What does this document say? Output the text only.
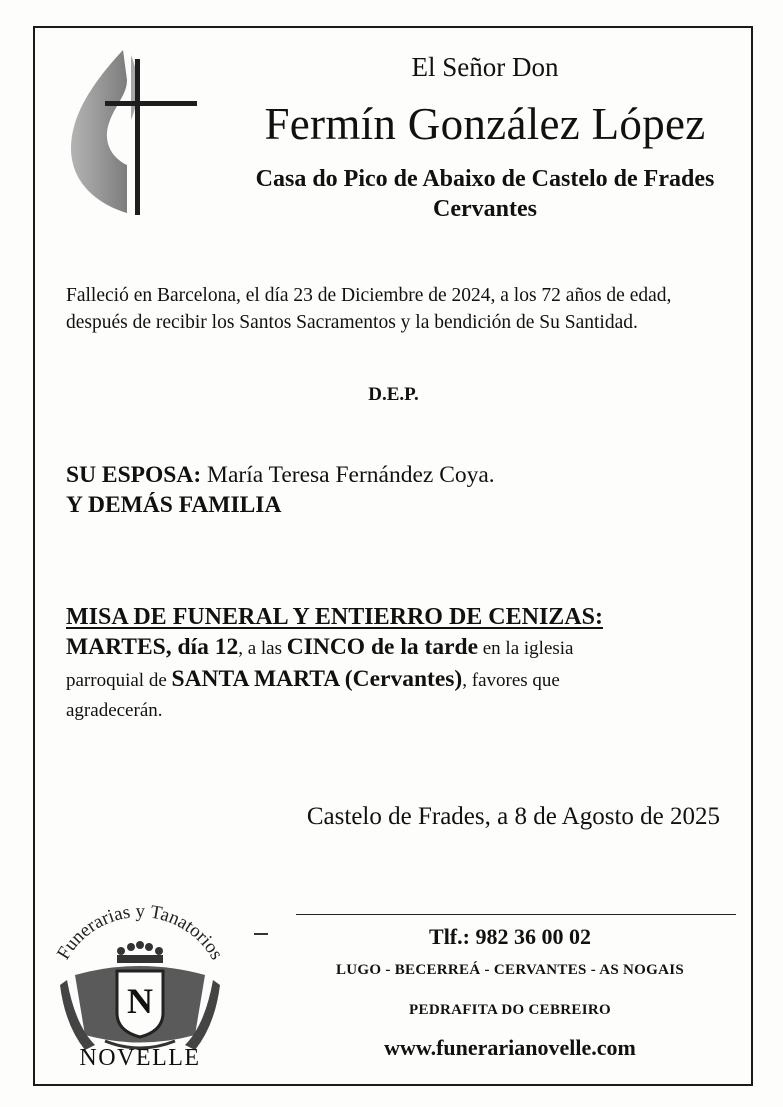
El Señor Don
Fermín González López
Casa do Pico de Abaixo de Castelo de Frades
Cervantes
Falleció en Barcelona, el día 23 de Diciembre de 2024, a los 72 años de edad, después de recibir los Santos Sacramentos y la bendición de Su Santidad.
D.E.P.
SU ESPOSA: María Teresa Fernández Coya.
Y DEMÁS FAMILIA
MISA DE FUNERAL Y ENTIERRO DE CENIZAS:
MARTES, día 12, a las CINCO de la tarde en la iglesia
parroquial de SANTA MARTA (Cervantes), favores que
agradecerán.
Castelo de Frades, a 8 de Agosto de 2025
Funerarias y Tanatorios
N
NOVELLE
Tlf.: 982 36 00 02
LUGO - BECERREÁ - CERVANTES - AS NOGAIS
PEDRAFITA DO CEBREIRO
www.funerarianovelle.com
